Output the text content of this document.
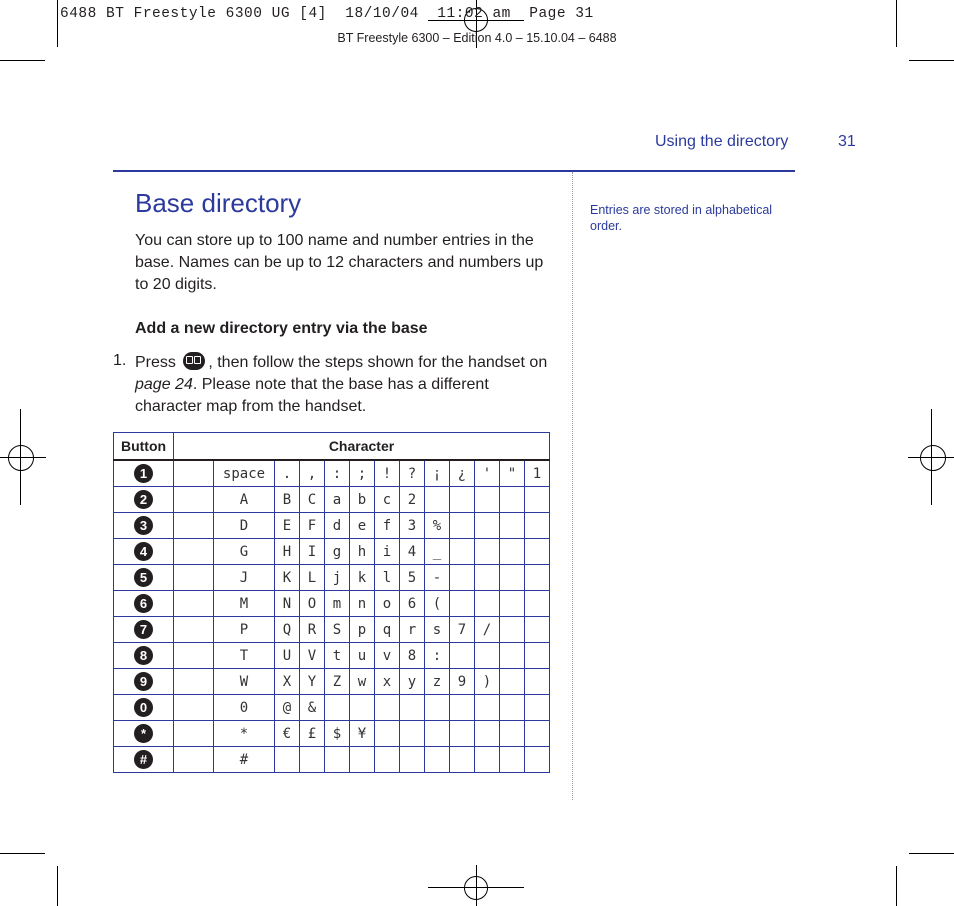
6488 BT Freestyle 6300 UG [4]  18/10/04  11:02 am  Page 31
BT Freestyle 6300 – Edition 4.0 – 15.10.04 – 6488
Using the directory	31
Base directory
You can store up to 100 name and number entries in the base. Names can be up to 12 characters and numbers up to 20 digits.
Add a new directory entry via the base
1. Press
, then follow the steps shown for the handset on page 24. Please note that the base has a different character map from the handset.
Entries are stored in alphabetical order.
Button	Character												
1		space	.	,	:	;	!	?	¡	¿	'	"	1
2		A	B	C	a	b	c	2					
3		D	E	F	d	e	f	3	%				
4		G	H	I	g	h	i	4	_				
5		J	K	L	j	k	l	5	-				
6		M	N	O	m	n	o	6	(				
7		P	Q	R	S	p	q	r	s	7	/		
8		T	U	V	t	u	v	8	:				
9		W	X	Y	Z	w	x	y	z	9	)		
0		0	@	&									
*		*	€	£	$	¥							
#		#											
